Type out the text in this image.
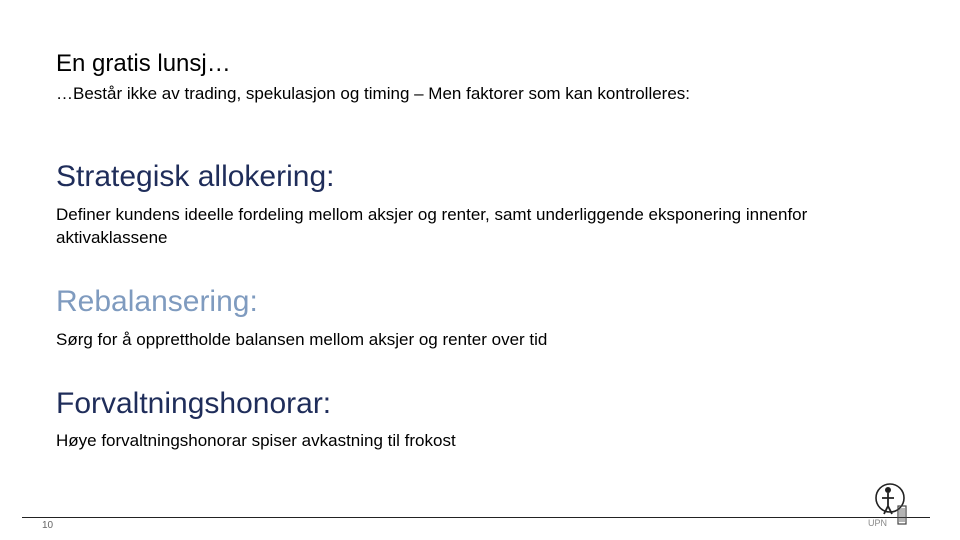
En gratis lunsj…

…Består ikke av trading, spekulasjon og timing – Men faktorer som kan kontrolleres:

Strategisk allokering:

Definer kundens ideelle fordeling mellom aksjer og renter, samt underliggende eksponering innenfor aktivaklassene

Rebalansering:

Sørg for å opprettholde balansen mellom aksjer og renter over tid

Forvaltningshonorar:

Høye forvaltningshonorar spiser avkastning til frokost

10	UPN
